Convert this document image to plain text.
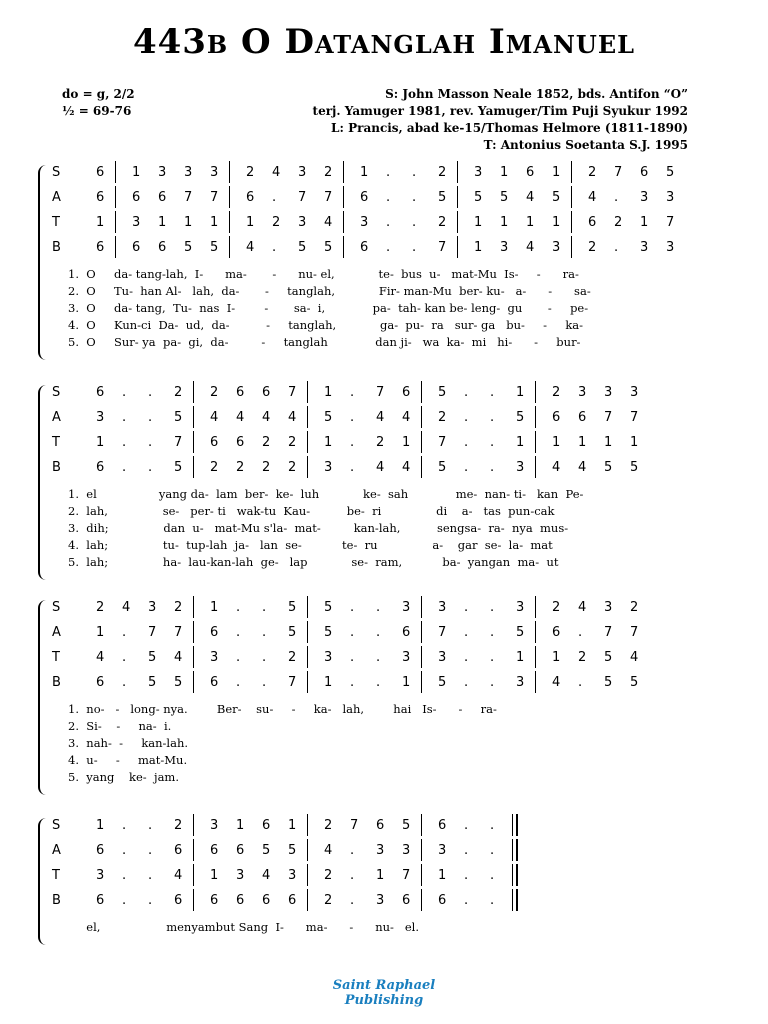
443b O Datanglah Imanuel
do = g, 2/2
½ = 69-76
S: John Masson Neale 1852, bds. Antifon “O”
terj. Yamuger 1981, rev. Yamuger/Tim Puji Syukur 1992
L: Prancis, abad ke-15/Thomas Helmore (1811-1890)
T: Antonius Soetanta S.J. 1995
S	6 1 3 3 3 2 4 3 2 1 . . 2 3 1 6 1 2 7 6 5
A	6 6 6 7 7 6 . 7 7 6 . . 5 5 5 4 5 4 . 3 3
T	1 3 1 1 1 1 2 3 4 3 . . 2 1 1 1 1 6 2 1 7
B	6 6 6 5 5 4 . 5 5 6 . . 7 1 3 4 3 2 . 3 3
1.  O     da- tang-lah,  I-      ma-       -      nu- el,            te-  bus  u-   mat-Mu  Is-     -      ra-
2.  O     Tu-  han Al-   lah,  da-       -     tanglah,            Fir- man-Mu  ber- ku-   a-      -      sa-
3.  O     da- tang,  Tu-  nas  I-        -       sa-  i,             pa-  tah- kan be- leng-  gu       -     pe-
4.  O     Kun-ci  Da-  ud,  da-          -     tanglah,            ga-  pu-  ra   sur- ga   bu-     -     ka-
5.  O     Sur- ya  pa-  gi,  da-         -     tanglah             dan ji-   wa  ka-  mi   hi-      -     bur-
S	6 . . 2 2 6 6 7 1 . 7 6 5 . . 1 2 3 3 3
A	3 . . 5 4 4 4 4 5 . 4 4 2 . . 5 6 6 7 7
T	1 . . 7 6 6 2 2 1 . 2 1 7 . . 1 1 1 1 1
B	6 . . 5 2 2 2 2 3 . 4 4 5 . . 3 4 4 5 5
1.  el                 yang da-  lam  ber-  ke-  luh            ke-  sah             me-  nan- ti-   kan  Pe-
2.  lah,               se-   per- ti   wak-tu  Kau-          be-  ri               di    a-   tas  pun-cak
3.  dih;               dan  u-   mat-Mu s'la-  mat-         kan-lah,          sengsa-  ra-  nya  mus-
4.  lah;               tu-  tup-lah  ja-   lan  se-           te-  ru               a-    gar  se-  la-  mat
5.  lah;               ha-  lau-kan-lah  ge-   lap            se-  ram,           ba-  yangan  ma-  ut
S	2 4 3 2 1 . . 5 5 . . 3 3 . . 3 2 4 3 2
A	1 . 7 7 6 . . 5 5 . . 6 7 . . 5 6 . 7 7
T	4 . 5 4 3 . . 2 3 . . 3 3 . . 1 1 2 5 4
B	6 . 5 5 6 . . 7 1 . . 1 5 . . 3 4 . 5 5
1.  no-   -   long- nya.        Ber-    su-     -     ka-   lah,        hai   Is-      -     ra-
2.  Si-    -     na-  i.
3.  nah-  -     kan-lah.
4.  u-     -     mat-Mu.
5.  yang    ke-  jam.
S	1 . . 2 3 1 6 1 2 7 6 5 6 . .
A	6 . . 6 6 6 5 5 4 . 3 3 3 . .
T	3 . . 4 1 3 4 3 2 . 1 7 1 . .
B	6 . . 6 6 6 6 6 2 . 3 6 6 . .
el,                  menyambut Sang  I-      ma-      -      nu-   el.
Saint Raphael
Publishing
